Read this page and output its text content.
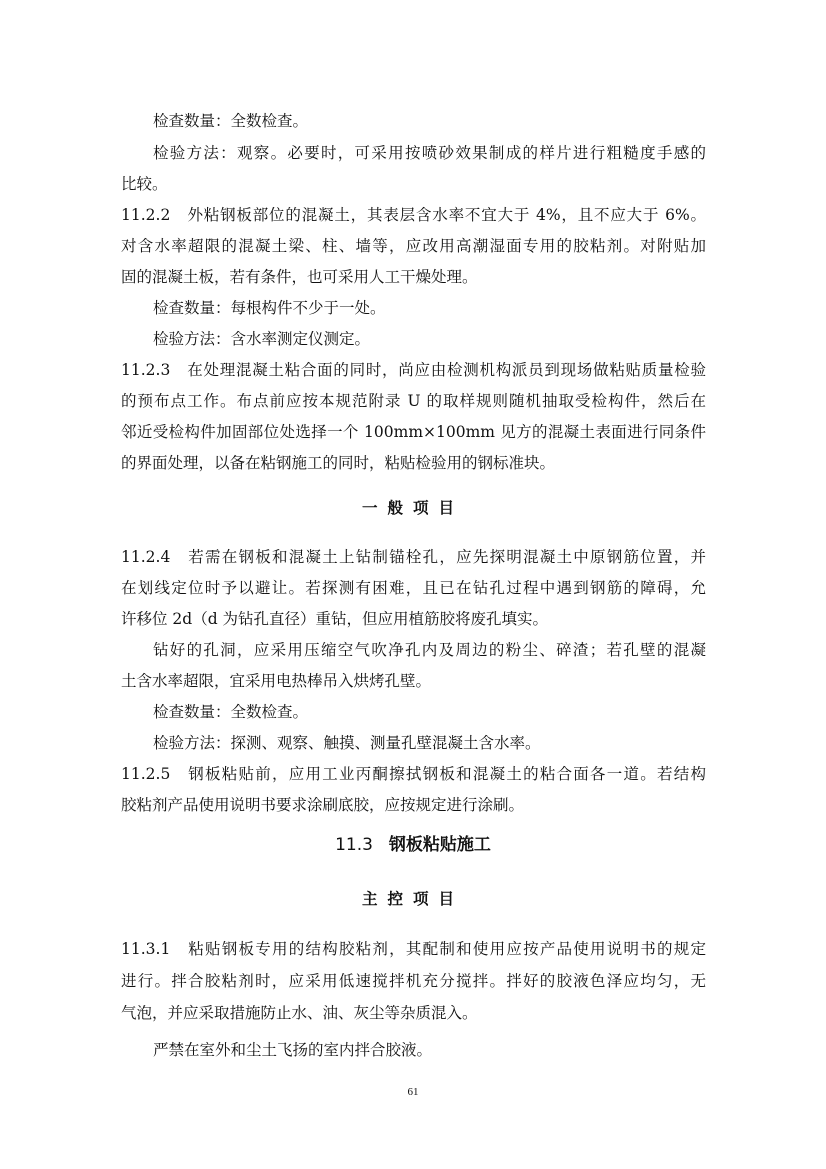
检查数量：全数检查。
检验方法：观察。必要时，可采用按喷砂效果制成的样片进行粗糙度手感的
比较。
11.2.2　外粘钢板部位的混凝土，其表层含水率不宜大于 4%，且不应大于 6%。
对含水率超限的混凝土梁、柱、墙等，应改用高潮湿面专用的胶粘剂。对附贴加
固的混凝土板，若有条件，也可采用人工干燥处理。
检查数量：每根构件不少于一处。
检验方法：含水率测定仪测定。
11.2.3　在处理混凝土粘合面的同时，尚应由检测机构派员到现场做粘贴质量检验
的预布点工作。布点前应按本规范附录 U 的取样规则随机抽取受检构件，然后在
邻近受检构件加固部位处选择一个 100mm×100mm 见方的混凝土表面进行同条件
的界面处理，以备在粘钢施工的同时，粘贴检验用的钢标准块。
一般项目
11.2.4　若需在钢板和混凝土上钻制锚栓孔，应先探明混凝土中原钢筋位置，并
在划线定位时予以避让。若探测有困难，且已在钻孔过程中遇到钢筋的障碍，允
许移位 2d（d 为钻孔直径）重钻，但应用植筋胶将废孔填实。
钻好的孔洞，应采用压缩空气吹净孔内及周边的粉尘、碎渣；若孔壁的混凝
土含水率超限，宜采用电热棒吊入烘烤孔壁。
检查数量：全数检查。
检验方法：探测、观察、触摸、测量孔壁混凝土含水率。
11.2.5　钢板粘贴前，应用工业丙酮擦拭钢板和混凝土的粘合面各一道。若结构
胶粘剂产品使用说明书要求涂刷底胶，应按规定进行涂刷。
11.3 钢板粘贴施工
主控项目
11.3.1　粘贴钢板专用的结构胶粘剂，其配制和使用应按产品使用说明书的规定
进行。拌合胶粘剂时，应采用低速搅拌机充分搅拌。拌好的胶液色泽应均匀，无
气泡，并应采取措施防止水、油、灰尘等杂质混入。
严禁在室外和尘土飞扬的室内拌合胶液。
61
